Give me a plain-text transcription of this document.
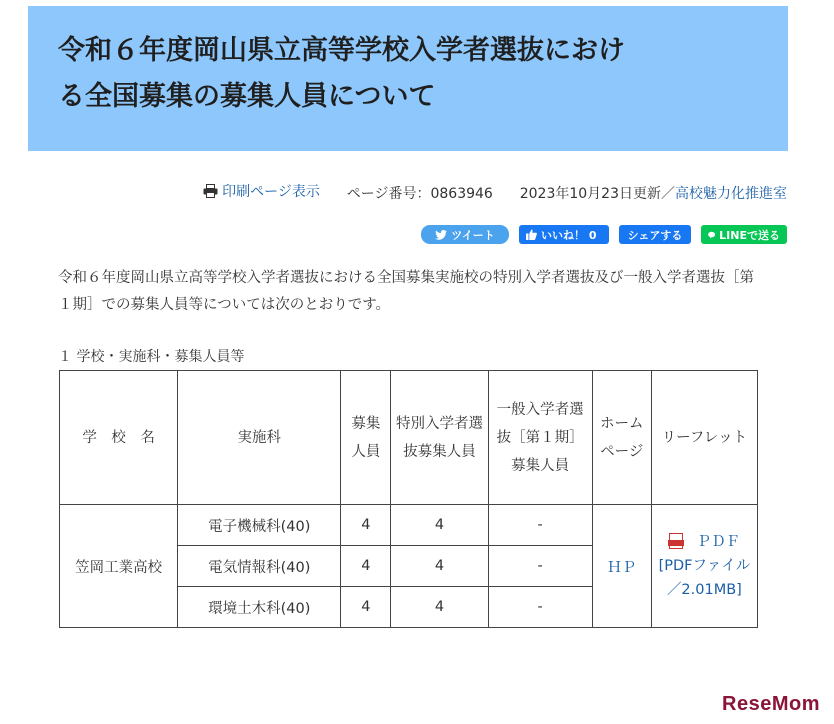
令和６年度岡山県立高等学校入学者選抜におけ
る全国募集の募集人員について
印刷ページ表示 ページ番号：0863946 2023年10月23日更新／高校魅力化推進室
ツイート	いいね！ 0	シェアする	LINEで送る

令和６年度岡山県立高等学校入学者選抜における全国募集実施校の特別入学者選抜及び一般入学者選抜［第１期］での募集人員等については次のとおりです。

１ 学校・実施科・募集人員等

学　校　名	実施科	募集人員	特別入学者選抜募集人員	一般入学者選抜［第１期］募集人員	ホームページ	リーフレット
笠岡工業高校	電子機械科(40)	4	4	-	ＨＰ	ＰＤＦ
[PDFファイル／2.01MB]
	電気情報科(40)	4	4	-		
	環境土木科(40)	4	4	-		
ReseMom
